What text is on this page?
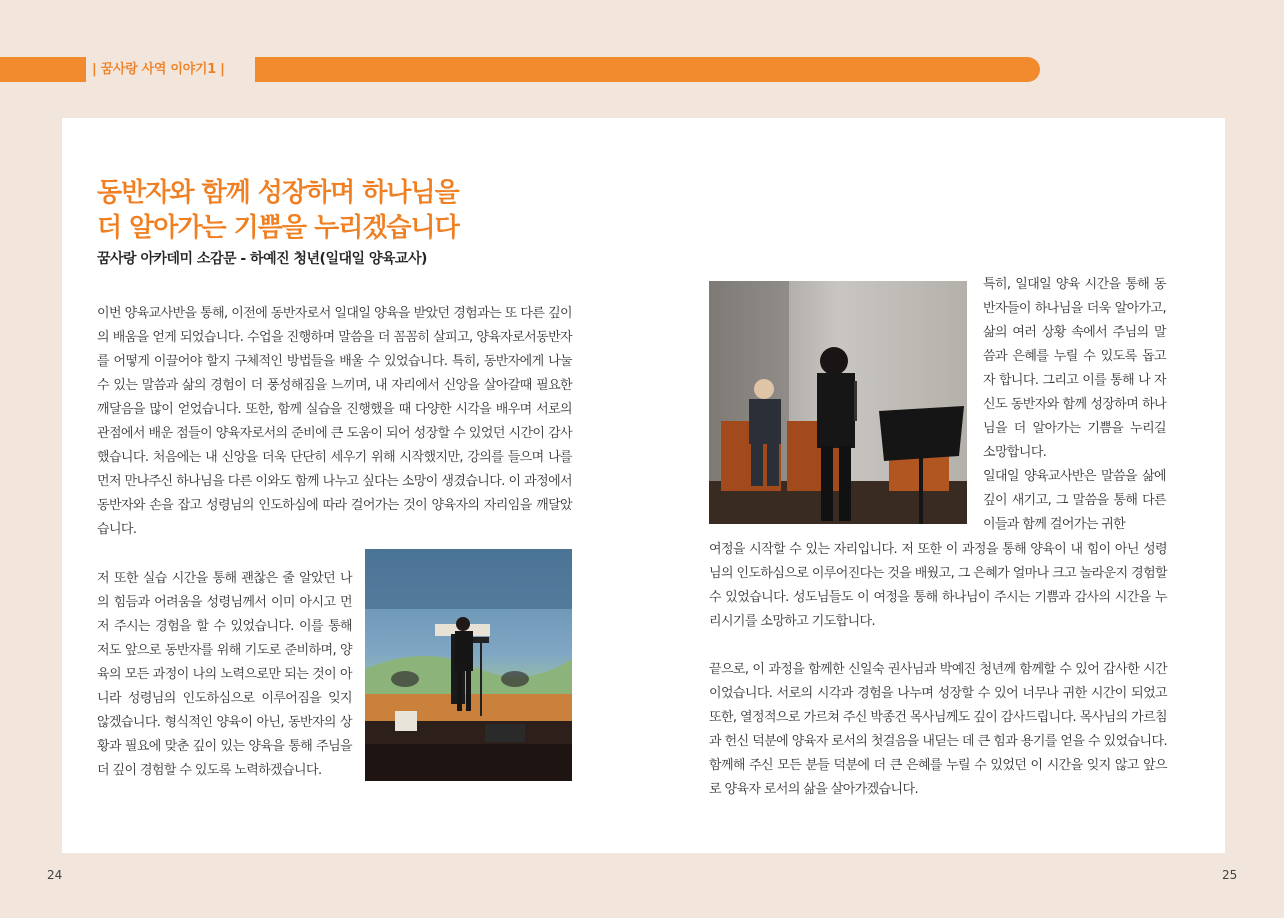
| 꿈사랑 사역 이야기1 |
동반자와 함께 성장하며 하나님을
더 알아가는 기쁨을 누리겠습니다
꿈사랑 아카데미 소감문 - 하예진 청년(일대일 양육교사)
이번 양육교사반을 통해, 이전에 동반자로서 일대일 양육을 받았던 경험과는 또 다른 깊이의 배움을 얻게 되었습니다. 수업을 진행하며 말씀을 더 꼼꼼히 살피고, 양육자로서동반자를 어떻게 이끌어야 할지 구체적인 방법들을 배울 수 있었습니다. 특히, 동반자에게 나눌 수 있는 말씀과 삶의 경험이 더 풍성해짐을 느끼며, 내 자리에서 신앙을 살아갈때 필요한 깨달음을 많이 얻었습니다. 또한, 함께 실습을 진행했을 때 다양한 시각을 배우며 서로의 관점에서 배운 점들이 양육자로서의 준비에 큰 도움이 되어 성장할 수 있었던 시간이 감사했습니다. 처음에는 내 신앙을 더욱 단단히 세우기 위해 시작했지만, 강의를 들으며 나를 먼저 만나주신 하나님을 다른 이와도 함께 나누고 싶다는 소망이 생겼습니다. 이 과정에서 동반자와 손을 잡고 성령님의 인도하심에 따라 걸어가는 것이 양육자의 자리임을 깨달았습니다.
저 또한 실습 시간을 통해 괜찮은 줄 알았던 나의 힘듬과 어려움을 성령님께서 이미 아시고 먼저 주시는 경험을 할 수 있었습니다. 이를 통해 저도 앞으로 동반자를 위해 기도로 준비하며, 양육의 모든 과정이 나의 노력으로만 되는 것이 아니라 성령님의 인도하심으로 이루어짐을 잊지 않겠습니다. 형식적인 양육이 아닌, 동반자의 상황과 필요에 맞춘 깊이 있는 양육을 통해 주님을 더 깊이 경험할 수 있도록 노력하겠습니다.
특히, 일대일 양육 시간을 통해 동반자들이 하나님을 더욱 알아가고, 삶의 여러 상황 속에서 주님의 말씀과 은혜를 누릴 수 있도록 돕고자 합니다. 그리고 이를 통해 나 자신도 동반자와 함께 성장하며 하나님을 더 알아가는 기쁨을 누리길 소망합니다.
일대일 양육교사반은 말씀을 삶에 깊이 새기고, 그 말씀을 통해 다른 이들과 함께 걸어가는 귀한
여정을 시작할 수 있는 자리입니다. 저 또한 이 과정을 통해 양육이 내 힘이 아닌 성령님의 인도하심으로 이루어진다는 것을 배웠고, 그 은혜가 얼마나 크고 놀라운지 경험할 수 있었습니다. 성도님들도 이 여정을 통해 하나님이 주시는 기쁨과 감사의 시간을 누리시기를 소망하고 기도합니다.
끝으로, 이 과정을 함께한 신일숙 권사님과 박예진 청년께 함께할 수 있어 감사한 시간이었습니다. 서로의 시각과 경험을 나누며 성장할 수 있어 너무나 귀한 시간이 되었고 또한, 열정적으로 가르쳐 주신 박종건 목사님께도 깊이 감사드립니다. 목사님의 가르침과 헌신 덕분에 양육자 로서의 첫걸음을 내딛는 데 큰 힘과 용기를 얻을 수 있었습니다. 함께해 주신 모든 분들 덕분에 더 큰 은혜를 누릴 수 있었던 이 시간을 잊지 않고 앞으로 양육자 로서의 삶을 살아가겠습니다.
24	25
